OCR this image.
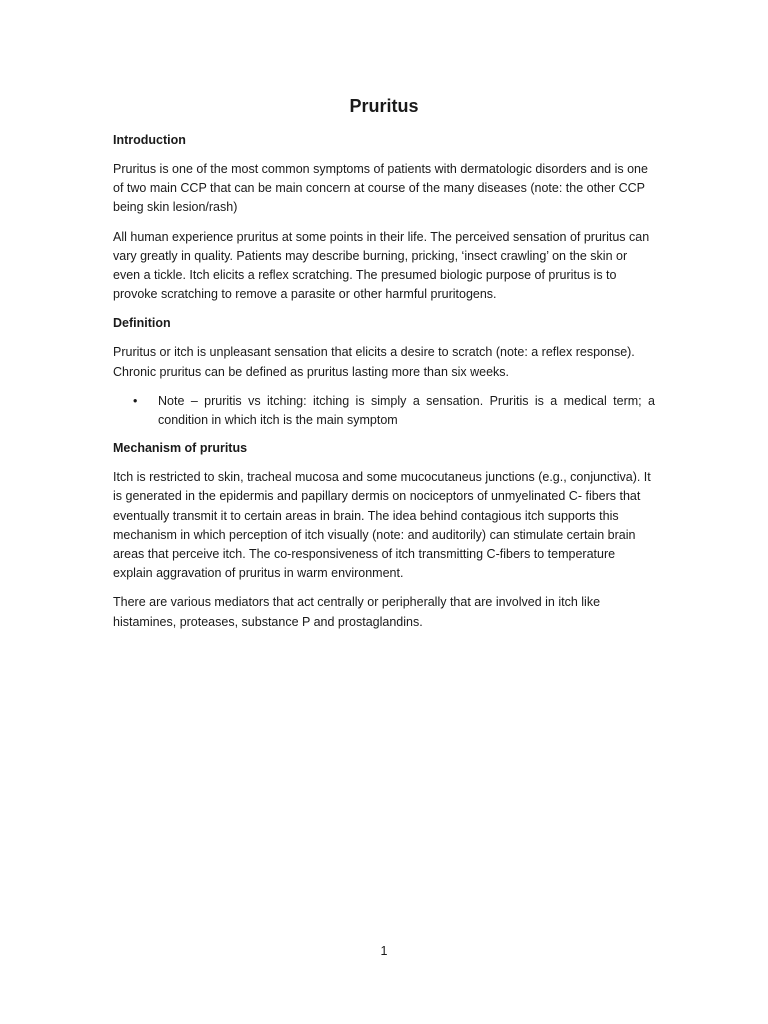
Pruritus
Introduction

Pruritus is one of the most common symptoms of patients with dermatologic disorders and is one of two main CCP that can be main concern at course of the many diseases (note: the other CCP being skin lesion/rash)

All human experience pruritus at some points in their life. The perceived sensation of pruritus can vary greatly in quality. Patients may describe burning, pricking, ‘insect crawling’ on the skin or even a tickle. Itch elicits a reflex scratching. The presumed biologic purpose of pruritus is to provoke scratching to remove a parasite or other harmful pruritogens.

Definition

Pruritus or itch is unpleasant sensation that elicits a desire to scratch (note: a reflex response). Chronic pruritus can be defined as pruritus lasting more than six weeks.

• Note – pruritis vs itching: itching is simply a sensation. Pruritis is a medical term; a condition in which itch is the main symptom
Mechanism of pruritus

Itch is restricted to skin, tracheal mucosa and some mucocutaneus junctions (e.g., conjunctiva). It is generated in the epidermis and papillary dermis on nociceptors of unmyelinated C- fibers that eventually transmit it to certain areas in brain. The idea behind contagious itch supports this mechanism in which perception of itch visually (note: and auditorily) can stimulate certain brain areas that perceive itch. The co-responsiveness of itch transmitting C-fibers to temperature explain aggravation of pruritus in warm environment.

There are various mediators that act centrally or peripherally that are involved in itch like histamines, proteases, substance P and prostaglandins.

1
